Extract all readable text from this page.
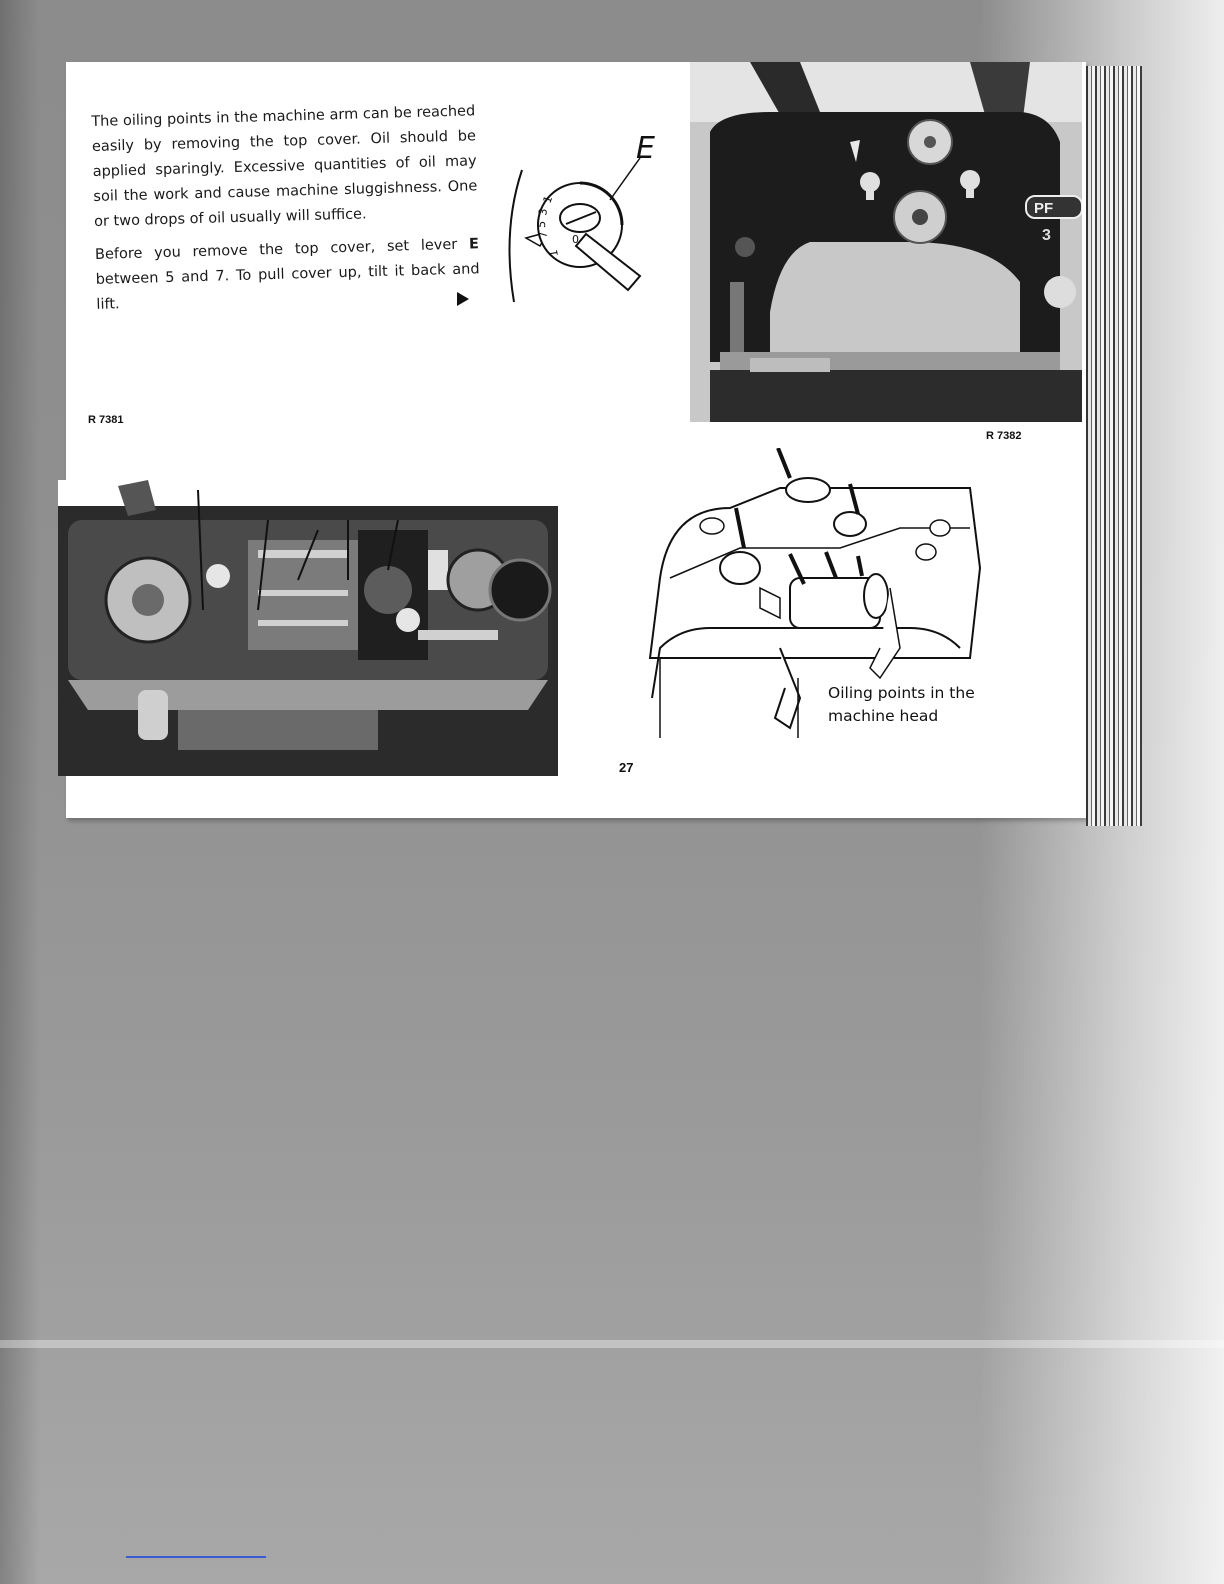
The oiling points in the machine arm can be reached easily by removing the top cover. Oil should be applied sparingly. Excessive quantities of oil may soil the work and cause machine sluggishness. One or two drops of oil usually will suffice.

Before you remove the top cover, set lever E between 5 and 7. To pull cover up, tilt it back and lift.

1
3
5
7 0
1
E
PF
3
R 7381
R 7382
Oiling points in the
machine head
27
